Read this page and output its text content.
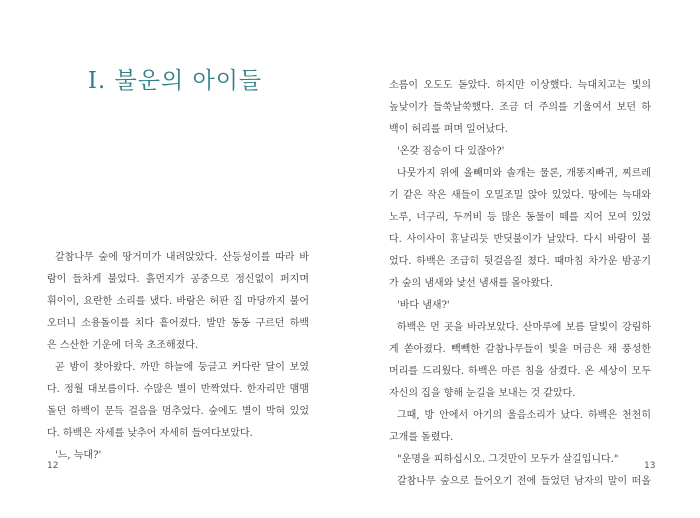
I. 불운의 아이들
갈참나무 숲에 땅거미가 내려앉았다. 산등성이를 따라 바
람이 들차게 불었다. 흙먼지가 공중으로 정신없이 퍼지며
휘이이, 요란한 소리를 냈다. 바람은 허판 집 마당까지 불어
오더니 소용돌이를 치다 흩어졌다. 발만 동동 구르던 하백
은 스산한 기운에 더욱 초조해졌다.
곧 밤이 찾아왔다. 까만 하늘에 둥글고 커다란 달이 보였
다. 정월 대보름이다. 수많은 별이 반짝였다. 한자리만 맴맴
돌던 하백이 문득 걸음을 멈추었다. 숲에도 별이 박혀 있었
다. 하백은 자세를 낮추어 자세히 들여다보았다.
'느, 늑대?'
12
소름이 오도도 돋았다. 하지만 이상했다. 늑대치고는 빛의
높낮이가 들쑥날쑥했다. 조금 더 주의를 기울여서 보던 하
백이 허리를 펴며 일어났다.
'온갖 짐승이 다 있잖아?'
나뭇가지 위에 올빼미와 솔개는 물론, 개똥지빠귀, 찌르레
기 같은 작은 새들이 오밀조밀 앉아 있었다. 땅에는 늑대와
노루, 너구리, 두꺼비 등 많은 동물이 떼를 지어 모여 있었
다. 사이사이 휴날리듯 반딧불이가 날았다. 다시 바람이 불
었다. 하백은 조급히 뒷걸음질 쳤다. 때마침 차가운 밤공기
가 숲의 냄새와 낯선 냄새를 몰아왔다.
'바다 냄새?'
하백은 먼 곳을 바라보았다. 산마루에 보름 달빛이 강림하
게 쏟아졌다. 빽빽한 갈참나무들이 빛을 머금은 채 풍성한
머리를 드리웠다. 하백은 마른 침을 삼켰다. 온 세상이 모두
자신의 집을 향해 눈길을 보내는 것 같았다.
그때, 방 안에서 아기의 울음소리가 났다. 하백은 천천히
고개를 돌렸다.
"운명을 피하십시오. 그것만이 모두가 살길입니다."
갈참나무 숲으로 들어오기 전에 들었던 남자의 말이 떠올
13
